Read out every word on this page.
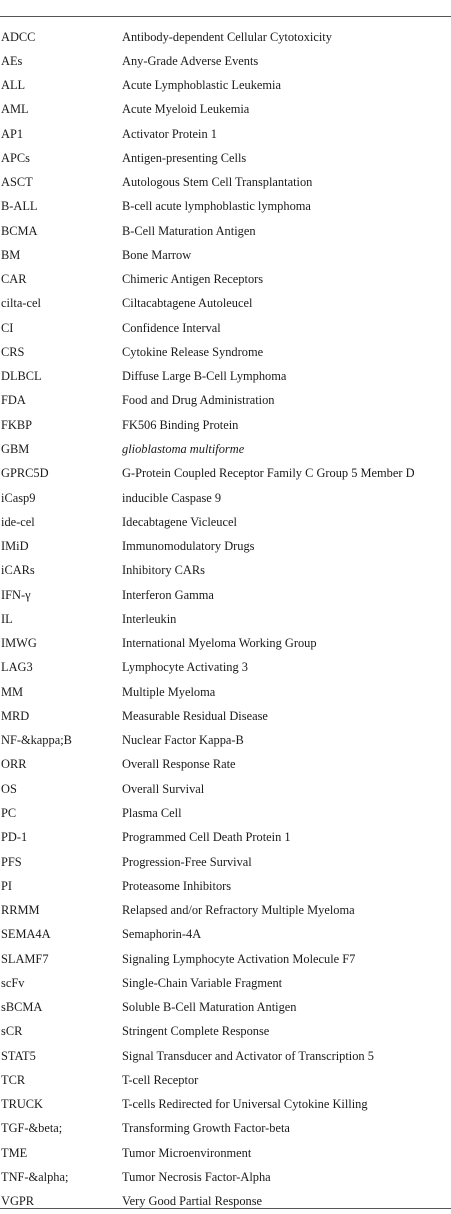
ADCC	Antibody-dependent Cellular Cytotoxicity
AEs	Any-Grade Adverse Events
ALL	Acute Lymphoblastic Leukemia
AML	Acute Myeloid Leukemia
AP1	Activator Protein 1
APCs	Antigen-presenting Cells
ASCT	Autologous Stem Cell Transplantation
B-ALL	B-cell acute lymphoblastic lymphoma
BCMA	B-Cell Maturation Antigen
BM	Bone Marrow
CAR	Chimeric Antigen Receptors
cilta-cel	Ciltacabtagene Autoleucel
CI	Confidence Interval
CRS	Cytokine Release Syndrome
DLBCL	Diffuse Large B-Cell Lymphoma
FDA	Food and Drug Administration
FKBP	FK506 Binding Protein
GBM	glioblastoma multiforme
GPRC5D	G-Protein Coupled Receptor Family C Group 5 Member D
iCasp9	inducible Caspase 9
ide-cel	Idecabtagene Vicleucel
IMiD	Immunomodulatory Drugs
iCARs	Inhibitory CARs
IFN-γ	Interferon Gamma
IL	Interleukin
IMWG	International Myeloma Working Group
LAG3	Lymphocyte Activating 3
MM	Multiple Myeloma
MRD	Measurable Residual Disease
NF-&kappa;B	Nuclear Factor Kappa-B
ORR	Overall Response Rate
OS	Overall Survival
PC	Plasma Cell
PD-1	Programmed Cell Death Protein 1
PFS	Progression-Free Survival
PI	Proteasome Inhibitors
RRMM	Relapsed and/or Refractory Multiple Myeloma
SEMA4A	Semaphorin-4A
SLAMF7	Signaling Lymphocyte Activation Molecule F7
scFv	Single-Chain Variable Fragment
sBCMA	Soluble B-Cell Maturation Antigen
sCR	Stringent Complete Response
STAT5	Signal Transducer and Activator of Transcription 5
TCR	T-cell Receptor
TRUCK	T-cells Redirected for Universal Cytokine Killing
TGF-&beta;	Transforming Growth Factor-beta
TME	Tumor Microenvironment
TNF-&alpha;	Tumor Necrosis Factor-Alpha
VGPR	Very Good Partial Response
